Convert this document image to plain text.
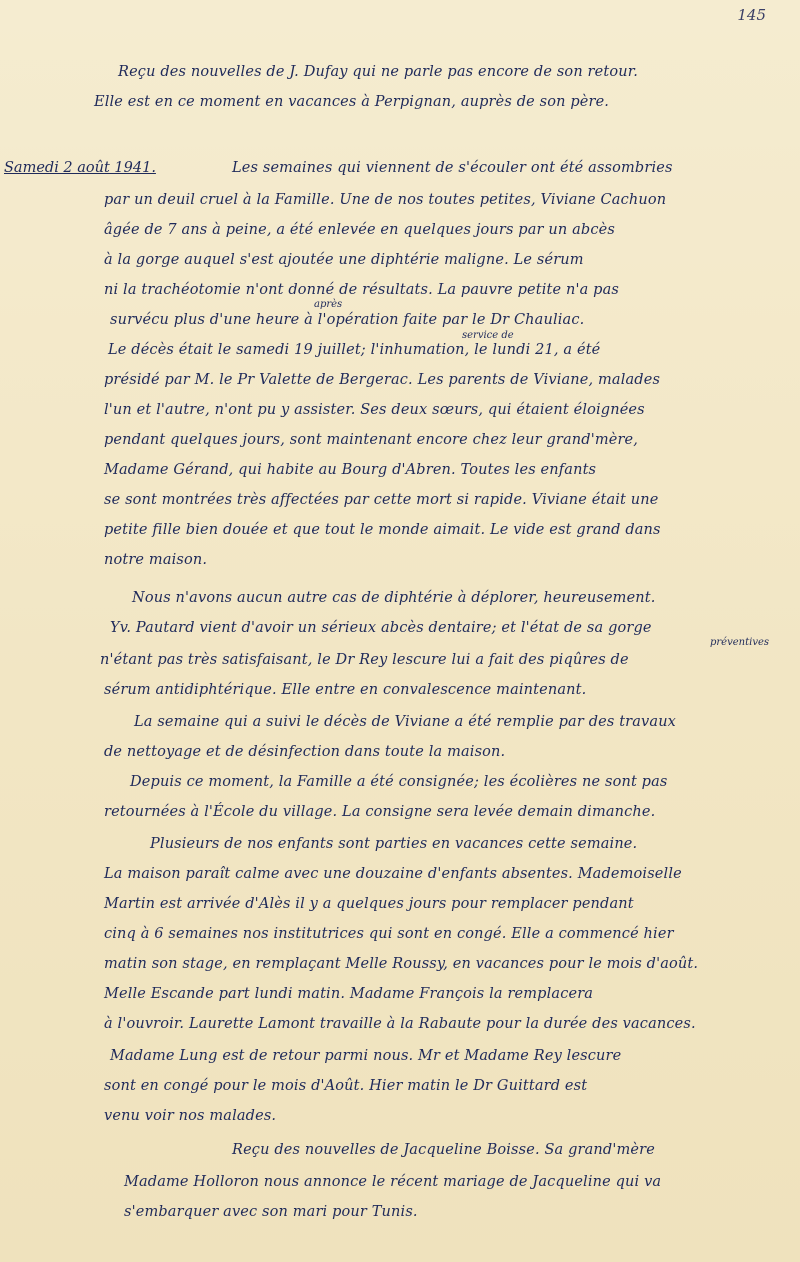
145
Reçu des nouvelles de J. Dufay qui ne parle pas encore de son retour.
Elle est en ce moment en vacances à Perpignan, auprès de son père.
Samedi 2 août 1941.	Les semaines qui viennent de s'écouler ont été assombries
par un deuil cruel à la Famille. Une de nos toutes petites, Viviane Cachuon
âgée de 7 ans à peine, a été enlevée en quelques jours par un abcès
à la gorge auquel s'est ajoutée une diphtérie maligne. Le sérum
ni la trachéotomie n'ont donné de résultats. La pauvre petite n'a pas
après
survécu plus d'une heure à l'opération faite par le Dr Chauliac.
service de
Le décès était le samedi 19 juillet; l'inhumation, le lundi 21, a été
présidé par M. le Pr Valette de Bergerac. Les parents de Viviane, malades
l'un et l'autre, n'ont pu y assister. Ses deux sœurs, qui étaient éloignées
pendant quelques jours, sont maintenant encore chez leur grand'mère,
Madame Gérand, qui habite au Bourg d'Abren. Toutes les enfants
se sont montrées très affectées par cette mort si rapide. Viviane était une
petite fille bien douée et que tout le monde aimait. Le vide est grand dans
notre maison.
Nous n'avons aucun autre cas de diphtérie à déplorer, heureusement.
Yv. Pautard vient d'avoir un sérieux abcès dentaire; et l'état de sa gorge
préventives
n'étant pas très satisfaisant, le Dr Rey lescure lui a fait des piqûres de
sérum antidiphtérique. Elle entre en convalescence maintenant.
La semaine qui a suivi le décès de Viviane a été remplie par des travaux
de nettoyage et de désinfection dans toute la maison.
Depuis ce moment, la Famille a été consignée; les écolières ne sont pas
retournées à l'École du village. La consigne sera levée demain dimanche.
Plusieurs de nos enfants sont parties en vacances cette semaine.
La maison paraît calme avec une douzaine d'enfants absentes. Mademoiselle
Martin est arrivée d'Alès il y a quelques jours pour remplacer pendant
cinq à 6 semaines nos institutrices qui sont en congé. Elle a commencé hier
matin son stage, en remplaçant Melle Roussy, en vacances pour le mois d'août.
Melle Escande part lundi matin. Madame François la remplacera
à l'ouvroir. Laurette Lamont travaille à la Rabaute pour la durée des vacances.
Madame Lung est de retour parmi nous. Mr et Madame Rey lescure
sont en congé pour le mois d'Août. Hier matin le Dr Guittard est
venu voir nos malades.
Reçu des nouvelles de Jacqueline Boisse. Sa grand'mère
Madame Holloron nous annonce le récent mariage de Jacqueline qui va
s'embarquer avec son mari pour Tunis.
